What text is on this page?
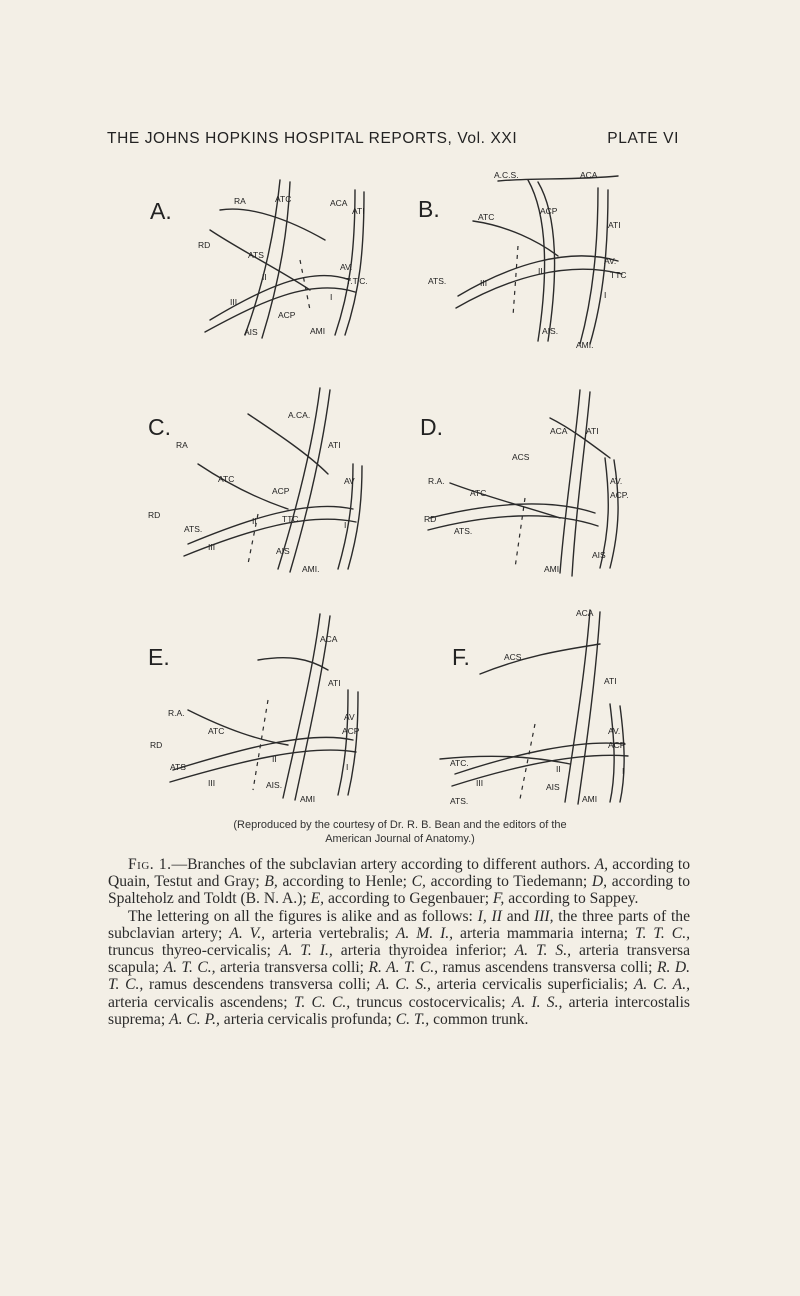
THE JOHNS HOPKINS HOSPITAL REPORTS, Vol. XXI	PLATE VI
A.	RA	ATC	ACA
ATI
RD
ATS
II
AV.
T.T.C.
III
ACP
I
AIS	AMI
B.
A.C.S.	ACA
ATI
ATC
ACP
AV.
ATS.	III
II	TTC
I
AIS.
AMI.
C.	A.CA.
RA	ATI
ATC
ACP
AV
RD
ATS.
II	TTC
III	AIS
I
AMI.
D.	ACA ATI
ACS
R.A.
ATC
AV.
ACP.
RD
ATS.
AMI
AIS
E.
ACA
ATI
R.A.	AV
ACP
ATC
RD
ATS
II
III	AIS.
I
AMI
F.
ACA
ACS.
ATI
AV.
ACP
ATC.
II
III	AIS
I
ATS.	AMI
(Reproduced by the courtesy of Dr. R. B. Bean and the editors of the
American Journal of Anatomy.)

Fig. 1.—Branches of the subclavian artery according to different authors. A, according to Quain, Testut and Gray; B, according to Henle; C, according to Tiedemann; D, according to Spalteholz and Toldt (B. N. A.); E, according to Gegenbauer; F, according to Sappey.

The lettering on all the figures is alike and as follows: I, II and III, the three parts of the subclavian artery; A. V., arteria vertebralis; A. M. I., arteria mammaria interna; T. T. C., truncus thyreo-cervicalis; A. T. I., arteria thyroidea inferior; A. T. S., arteria transversa scapula; A. T. C., arteria transversa colli; R. A. T. C., ramus ascendens transversa colli; R. D. T. C., ramus descendens transversa colli; A. C. S., arteria cervicalis superficialis; A. C. A., arteria cervicalis ascendens; T. C. C., truncus costocervicalis; A. I. S., arteria intercostalis suprema; A. C. P., arteria cervicalis profunda; C. T., common trunk.
